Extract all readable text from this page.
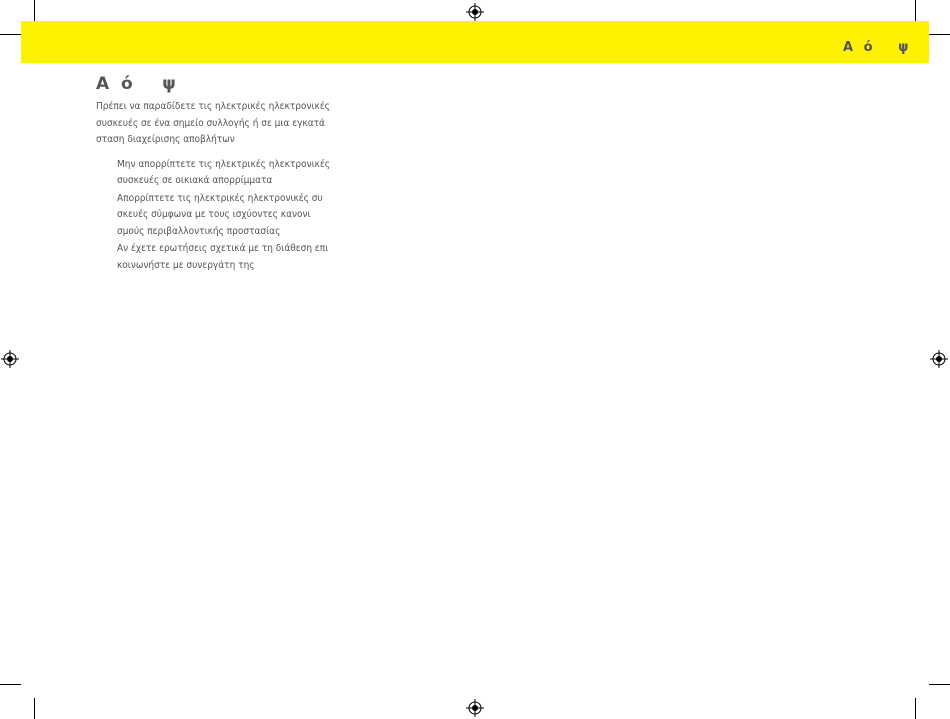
Α  ό     ψ
Α  ό     ψ

Πρέπει να παραδίδετε τις ηλεκτρικές ηλεκτρονικές
συσκευές σε ένα σημείο συλλογής ή σε μια εγκατά
σταση διαχείρισης αποβλήτων

Μην απορρίπτετε τις ηλεκτρικές ηλεκτρονικές
συσκευές σε οικιακά απορρίμματα
Απορρίπτετε τις ηλεκτρικές ηλεκτρονικές συ
σκευές σύμφωνα με τους ισχύοντες κανονι
σμούς περιβαλλοντικής προστασίας
Αν έχετε ερωτήσεις σχετικά με τη διάθεση επι
κοινωνήστε με συνεργάτη της
